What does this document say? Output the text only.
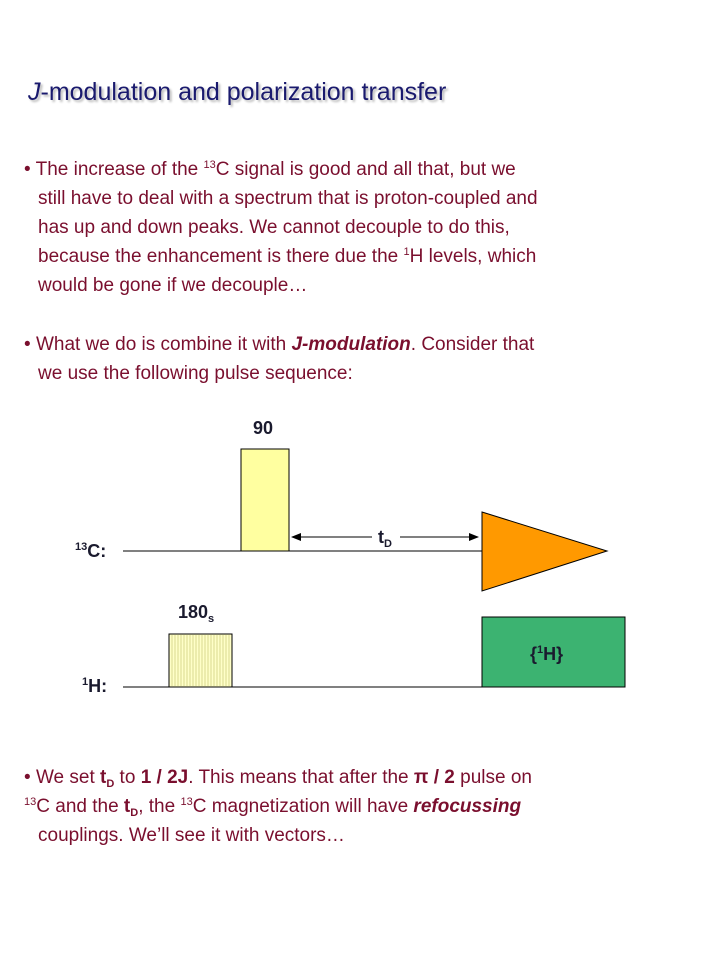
J-modulation and polarization transfer
• The increase of the $^{13}$C signal is good and all that, but we
still have to deal with a spectrum that is proton-coupled and
has up and down peaks. We cannot decouple to do this,
because the enhancement is there due the $^1$H levels, which
would be gone if we decouple…
• What we do is combine it with J-modulation. Consider that
we use the following pulse sequence:
$^{13}$C:
90
$t_D$
$^1$H:
$180_s$
{$^1$H}
• We set $t_D$ to 1 / 2J. This means that after the π / 2 pulse on
$^{13}$C and the $t_D$, the $^{13}$C magnetization will have refocussing
couplings. We’ll see it with vectors…
